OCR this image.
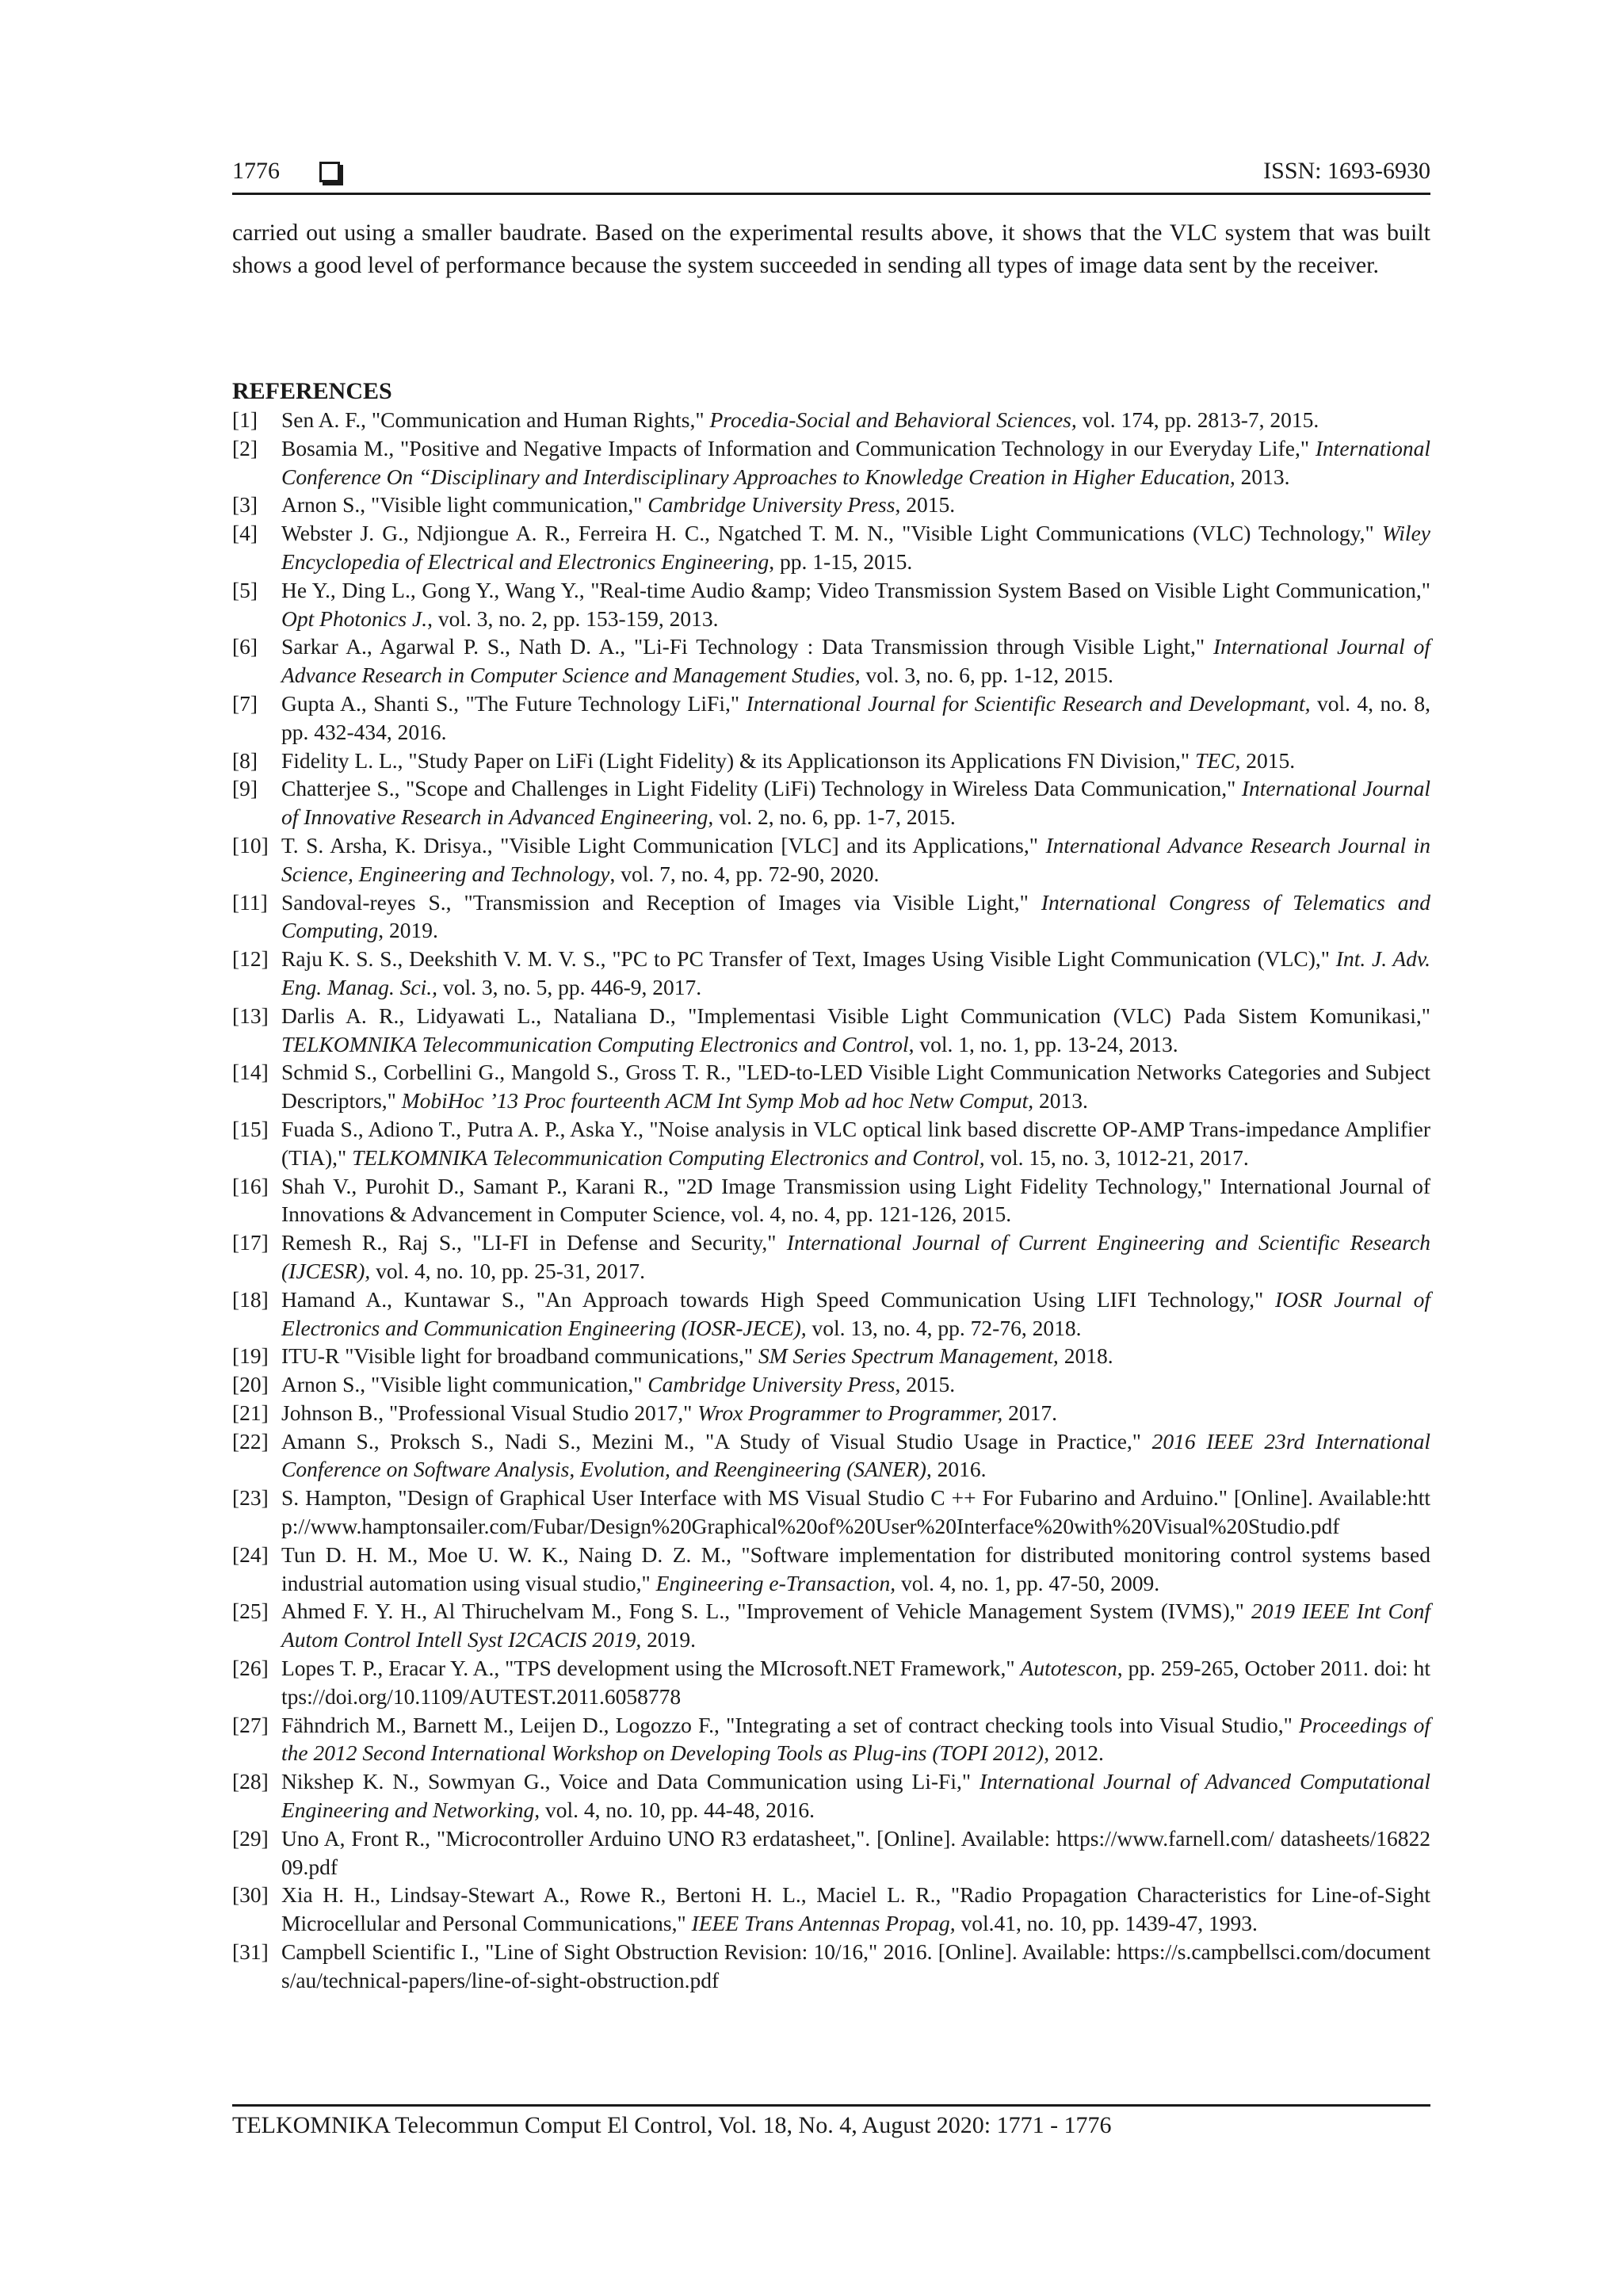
1776	ISSN: 1693-6930
carried out using a smaller baudrate. Based on the experimental results above, it shows that the VLC system that was built shows a good level of performance because the system succeeded in sending all types of image data sent by the receiver.
REFERENCES
[1] Sen A. F., "Communication and Human Rights," Procedia-Social and Behavioral Sciences, vol. 174, pp. 2813-7, 2015.
[2] Bosamia M., "Positive and Negative Impacts of Information and Communication Technology in our Everyday Life," International Conference On “Disciplinary and Interdisciplinary Approaches to Knowledge Creation in Higher Education, 2013.
[3] Arnon S., "Visible light communication," Cambridge University Press, 2015.
[4] Webster J. G., Ndjiongue A. R., Ferreira H. C., Ngatched T. M. N., "Visible Light Communications (VLC) Technology," Wiley Encyclopedia of Electrical and Electronics Engineering, pp. 1-15, 2015.
[5] He Y., Ding L., Gong Y., Wang Y., "Real-time Audio &amp; Video Transmission System Based on Visible Light Communication," Opt Photonics J., vol. 3, no. 2, pp. 153-159, 2013.
[6] Sarkar A., Agarwal P. S., Nath D. A., "Li-Fi Technology : Data Transmission through Visible Light," International Journal of Advance Research in Computer Science and Management Studies, vol. 3, no. 6, pp. 1-12, 2015.
[7] Gupta A., Shanti S., "The Future Technology LiFi," International Journal for Scientific Research and Developmant, vol. 4, no. 8, pp. 432-434, 2016.
[8] Fidelity L. L., "Study Paper on LiFi (Light Fidelity) & its Applicationson its Applications FN Division," TEC, 2015.
[9] Chatterjee S., "Scope and Challenges in Light Fidelity (LiFi) Technology in Wireless Data Communication," International Journal of Innovative Research in Advanced Engineering, vol. 2, no. 6, pp. 1-7, 2015.
[10] T. S. Arsha, K. Drisya., "Visible Light Communication [VLC] and its Applications," International Advance Research Journal in Science, Engineering and Technology, vol. 7, no. 4, pp. 72-90, 2020.
[11] Sandoval-reyes S., "Transmission and Reception of Images via Visible Light," International Congress of Telematics and Computing, 2019.
[12] Raju K. S. S., Deekshith V. M. V. S., "PC to PC Transfer of Text, Images Using Visible Light Communication (VLC)," Int. J. Adv. Eng. Manag. Sci., vol. 3, no. 5, pp. 446-9, 2017.
[13] Darlis A. R., Lidyawati L., Nataliana D., "Implementasi Visible Light Communication (VLC) Pada Sistem Komunikasi," TELKOMNIKA Telecommunication Computing Electronics and Control, vol. 1, no. 1, pp. 13-24, 2013.
[14] Schmid S., Corbellini G., Mangold S., Gross T. R., "LED-to-LED Visible Light Communication Networks Categories and Subject Descriptors," MobiHoc ’13 Proc fourteenth ACM Int Symp Mob ad hoc Netw Comput, 2013.
[15] Fuada S., Adiono T., Putra A. P., Aska Y., "Noise analysis in VLC optical link based discrette OP-AMP Trans-impedance Amplifier (TIA)," TELKOMNIKA Telecommunication Computing Electronics and Control, vol. 15, no. 3, 1012-21, 2017.
[16] Shah V., Purohit D., Samant P., Karani R., "2D Image Transmission using Light Fidelity Technology," International Journal of Innovations & Advancement in Computer Science, vol. 4, no. 4, pp. 121-126, 2015.
[17] Remesh R., Raj S., "LI-FI in Defense and Security," International Journal of Current Engineering and Scientific Research (IJCESR), vol. 4, no. 10, pp. 25-31, 2017.
[18] Hamand A., Kuntawar S., "An Approach towards High Speed Communication Using LIFI Technology," IOSR Journal of Electronics and Communication Engineering (IOSR-JECE), vol. 13, no. 4, pp. 72-76, 2018.
[19] ITU-R "Visible light for broadband communications," SM Series Spectrum Management, 2018.
[20] Arnon S., "Visible light communication," Cambridge University Press, 2015.
[21] Johnson B., "Professional Visual Studio 2017," Wrox Programmer to Programmer, 2017.
[22] Amann S., Proksch S., Nadi S., Mezini M., "A Study of Visual Studio Usage in Practice," 2016 IEEE 23rd International Conference on Software Analysis, Evolution, and Reengineering (SANER), 2016.
[23] S. Hampton, "Design of Graphical User Interface with MS Visual Studio C ++ For Fubarino and Arduino." [Online]. Available:http://www.hamptonsailer.com/Fubar/Design%20Graphical%20of%20User%20Interface%20with%20Visual%20Studio.pdf
[24] Tun D. H. M., Moe U. W. K., Naing D. Z. M., "Software implementation for distributed monitoring control systems based industrial automation using visual studio," Engineering e-Transaction, vol. 4, no. 1, pp. 47-50, 2009.
[25] Ahmed F. Y. H., Al Thiruchelvam M., Fong S. L., "Improvement of Vehicle Management System (IVMS)," 2019 IEEE Int Conf Autom Control Intell Syst I2CACIS 2019, 2019.
[26] Lopes T. P., Eracar Y. A., "TPS development using the MIcrosoft.NET Framework," Autotescon, pp. 259-265, October 2011. doi: https://doi.org/10.1109/AUTEST.2011.6058778
[27] Fähndrich M., Barnett M., Leijen D., Logozzo F., "Integrating a set of contract checking tools into Visual Studio," Proceedings of the 2012 Second International Workshop on Developing Tools as Plug-ins (TOPI 2012), 2012.
[28] Nikshep K. N., Sowmyan G., Voice and Data Communication using Li-Fi," International Journal of Advanced Computational Engineering and Networking, vol. 4, no. 10, pp. 44-48, 2016.
[29] Uno A, Front R., "Microcontroller Arduino UNO R3 erdatasheet,". [Online]. Available: https://www.farnell.com/ datasheets/1682209.pdf
[30] Xia H. H., Lindsay-Stewart A., Rowe R., Bertoni H. L., Maciel L. R., "Radio Propagation Characteristics for Line-of-Sight Microcellular and Personal Communications," IEEE Trans Antennas Propag, vol.41, no. 10, pp. 1439-47, 1993.
[31] Campbell Scientific I., "Line of Sight Obstruction Revision: 10/16," 2016. [Online]. Available: https://s.campbellsci.com/documents/au/technical-papers/line-of-sight-obstruction.pdf
TELKOMNIKA Telecommun Comput El Control, Vol. 18, No. 4, August 2020: 1771 - 1776
